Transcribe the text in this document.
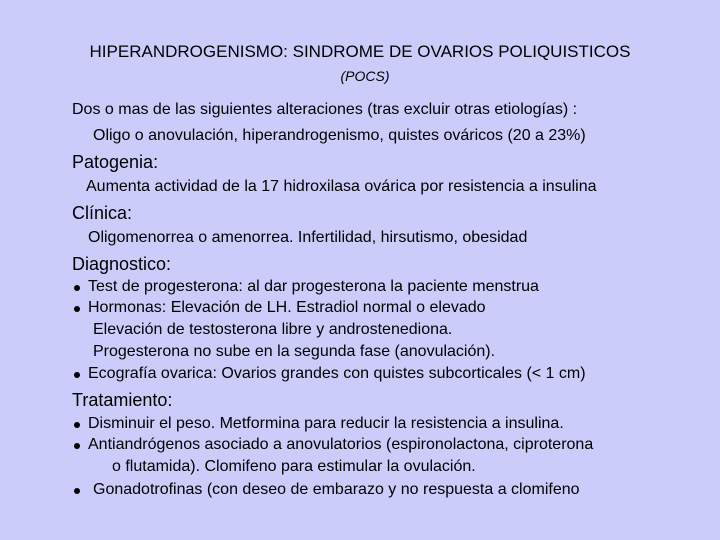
HIPERANDROGENISMO: SINDROME DE OVARIOS POLIQUISTICOS
(POCS)
Dos o mas de las siguientes alteraciones (tras excluir otras etiologías) :
Oligo o anovulación, hiperandrogenismo, quistes ováricos (20 a 23%)
Patogenia:
Aumenta actividad de la 17 hidroxilasa ovárica por resistencia a insulina
Clínica:
Oligomenorrea o amenorrea. Infertilidad, hirsutismo, obesidad
Diagnostico:
Test de progesterona: al dar progesterona la paciente menstrua
Hormonas: Elevación de LH. Estradiol normal o elevado
Elevación de testosterona libre y androstenediona.
Progesterona no sube en la segunda fase (anovulación).
Ecografía ovarica: Ovarios grandes con quistes subcorticales (< 1 cm)
Tratamiento:
Disminuir el peso. Metformina para reducir la resistencia a insulina.
Antiandrógenos asociado a anovulatorios (espironolactona, ciproterona
o flutamida). Clomifeno para estimular la ovulación.
Gonadotrofinas (con deseo de embarazo y no respuesta a clomifeno
